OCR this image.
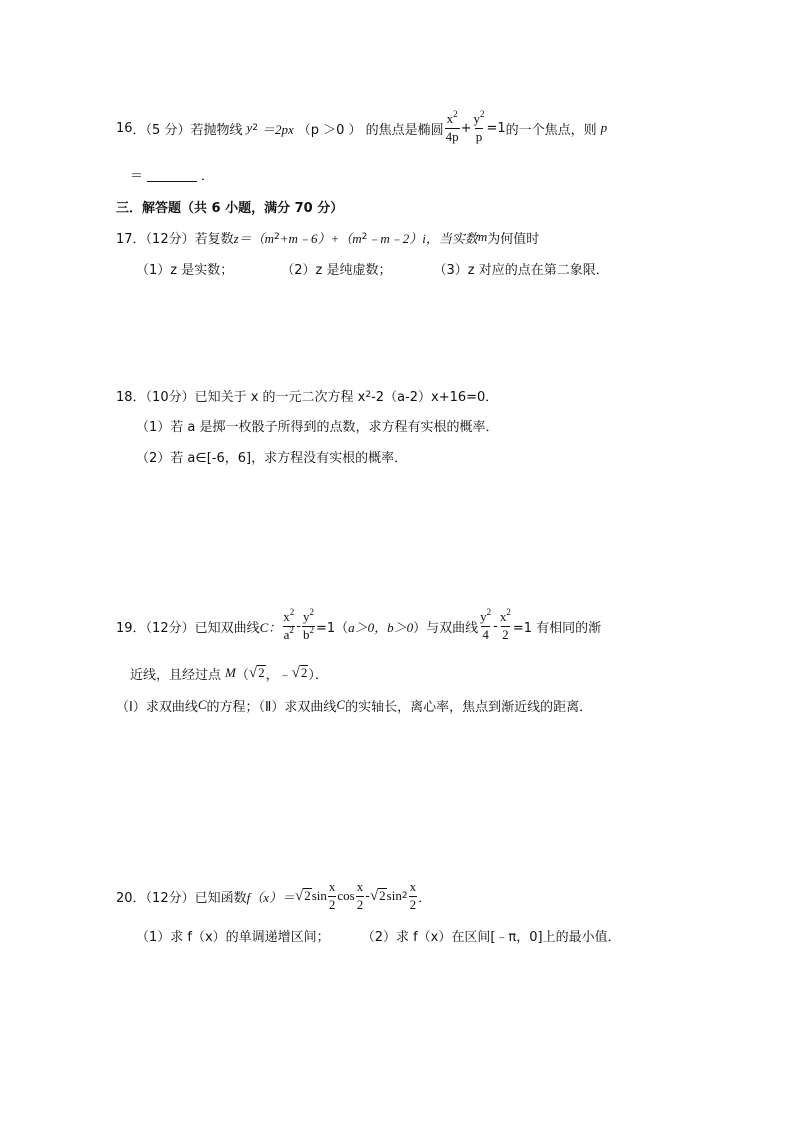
16 ．（5 分） 若抛物线 y 2 ＝2px （p ＞0 ） 的焦点是椭圆 $\frac{x^2}{4p} + \frac{y^2}{p} =1$ 的一个焦点，则 p
＝	．
三．解答题（共 6 小题，满分 70 分）
17．（12分）若复数 z＝（m 2 +m﹣6）+（m 2 ﹣m﹣2）i，当实数 m 为何值时
（1）z 是实数；	（2）z 是纯虚数；	（3）z 对应的点在第二象限．
18．（10分）已知关于 x 的一元二次方程 x 2 -2（a-2）x+16=0．
（1）若 a 是掷一枚骰子所得到的点数，求方程有实根的概率．
（2）若 a∈[-6，6]，求方程没有实根的概率．
19．（12分）已知双曲线 C： $\frac{x^2}{a^2} - \frac{y^2}{b^2} =1$（ a＞0，b＞0 ）与双曲线 $\frac{y^2}{4} - \frac{x^2}{2} =1$ 有相同的渐
近线，且经过点 M （ √ 2 ，﹣ √ 2 ）．
（Ⅰ）求双曲线 C 的方程；（Ⅱ）求双曲线 C 的实轴长，离心率，焦点到渐近线的距离．
20．（12分）已知函数 f（x）＝ √ 2 $\sin \frac{x}{2}$ $\cos \frac{x}{2}$ - √ 2 $\sin 2 \frac{x}{2}$ ．
（1）求 f（x）的单调递增区间； （2）求 f（x）在区间[﹣π，0]上的最小值．
